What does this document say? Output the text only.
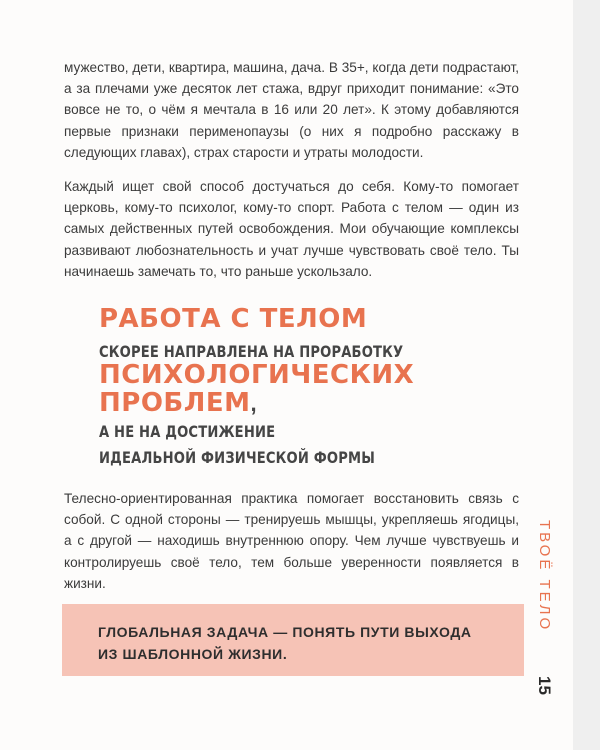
мужество, дети, квартира, машина, дача. В 35+, когда дети подрастают, а за плечами уже десяток лет стажа, вдруг приходит понимание: «Это вовсе не то, о чём я мечтала в 16 или 20 лет». К этому добавляются первые признаки перименопаузы (о них я подробно расскажу в следующих главах), страх старости и утраты молодости.

Каждый ищет свой способ достучаться до себя. Кому-то помогает церковь, кому-то психолог, кому-то спорт. Работа с телом — один из самых действенных путей освобождения. Мои обучающие комплексы развивают любознательность и учат лучше чувствовать своё тело. Ты начинаешь замечать то, что раньше ускользало.

РАБОТА С ТЕЛОМ
СКОРЕЕ НАПРАВЛЕНА НА ПРОРАБОТКУ
ПСИХОЛОГИЧЕСКИХ
ПРОБЛЕМ,
А НЕ НА ДОСТИЖЕНИЕ
ИДЕАЛЬНОЙ ФИЗИЧЕСКОЙ ФОРМЫ

Телесно-ориентированная практика помогает восстановить связь с собой. С одной стороны — тренируешь мышцы, укрепляешь ягодицы, а с другой — находишь внутреннюю опору. Чем лучше чувствуешь и контролируешь своё тело, тем больше уверенности появляется в жизни.

ГЛОБАЛЬНАЯ ЗАДАЧА — ПОНЯТЬ ПУТИ ВЫХОДА
ИЗ ШАБЛОННОЙ ЖИЗНИ.
ТВОЁ ТЕЛО
15
